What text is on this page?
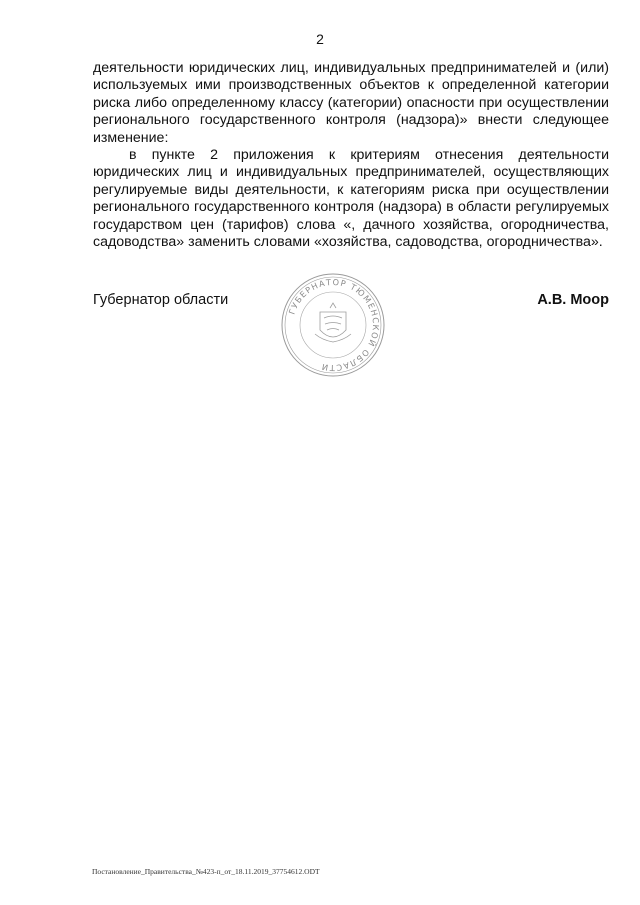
2

деятельности юридических лиц, индивидуальных предпринимателей и (или) используемых ими производственных объектов к определенной категории риска либо определенному классу (категории) опасности при осуществлении регионального государственного контроля (надзора)» внести следующее изменение:

в пункте 2 приложения к критериям отнесения деятельности юридических лиц и индивидуальных предпринимателей, осуществляющих регулируемые виды деятельности, к категориям риска при осуществлении регионального государственного контроля (надзора) в области регулируемых государством цен (тарифов) слова «, дачного хозяйства, огородничества, садоводства» заменить словами «хозяйства, садоводства, огородничества».

Губернатор области	А.В. Моор
ГУБЕРНАТОР ТЮМЕНСКОЙ ОБЛАСТИ
Постановление_Правительства_№423-п_от_18.11.2019_37754612.ODT
